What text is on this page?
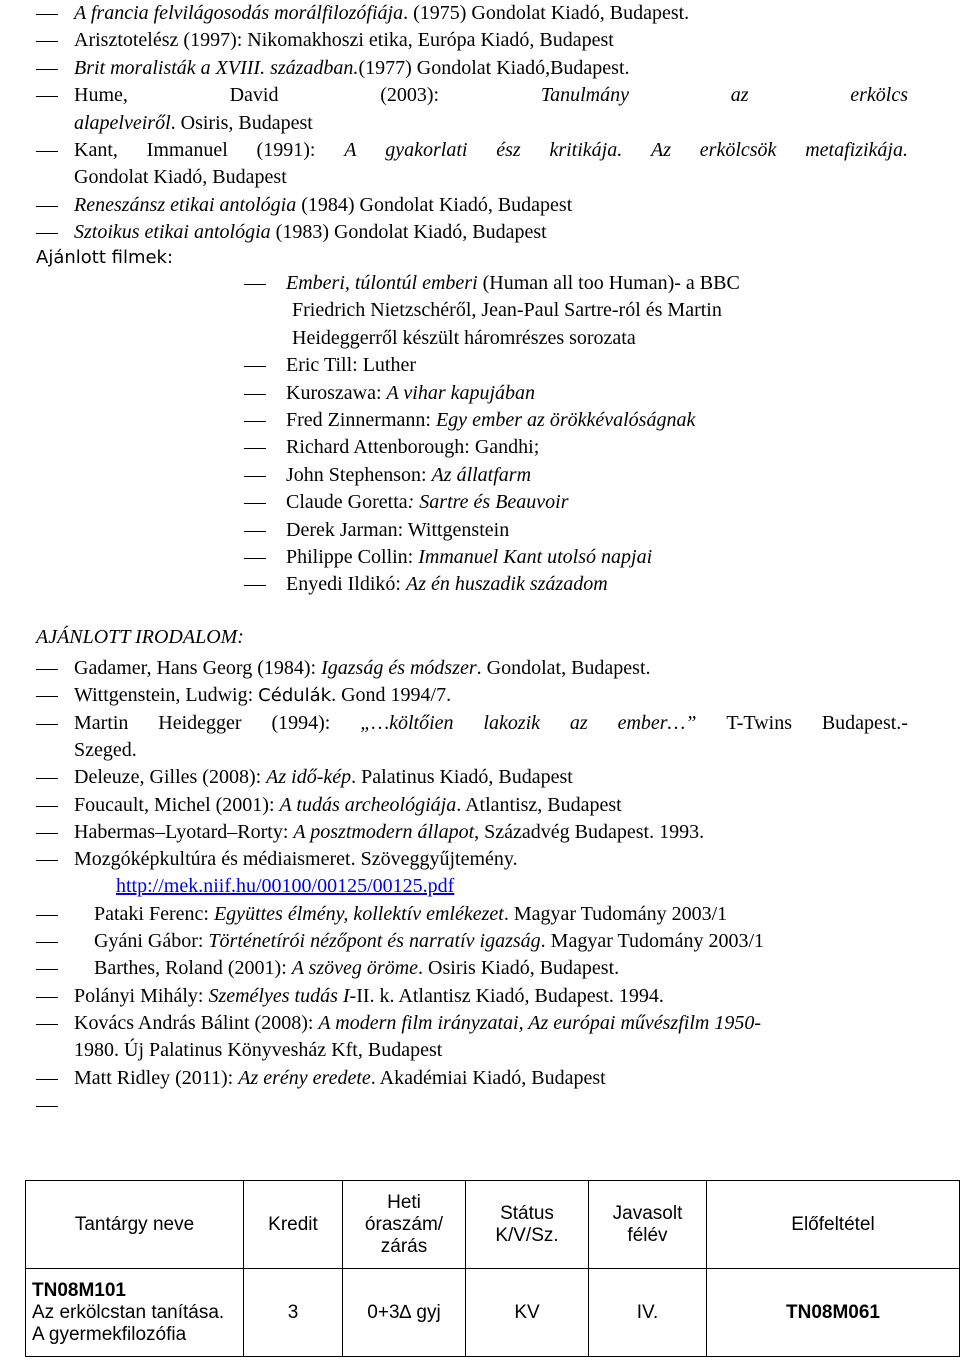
A francia felvilágosodás morálfilozófiája. (1975) Gondolat Kiadó, Budapest.
Arisztotelész (1997): Nikomakhoszi etika, Európa Kiadó, Budapest
Brit moralisták a XVIII. században.(1977) Gondolat Kiadó,Budapest.
Hume,	David	(2003):	Tanulmány	az	erkölcs
alapelveiről. Osiris, Budapest
Kant, Immanuel (1991): A gyakorlati ész kritikája. Az erkölcsök metafizikája.
Gondolat Kiadó, Budapest
Reneszánsz etikai antológia (1984) Gondolat Kiadó, Budapest
Sztoikus etikai antológia (1983) Gondolat Kiadó, Budapest
Ajánlott filmek:
Emberi, túlontúl emberi (Human all too Human)- a BBC
Friedrich Nietzschéről, Jean-Paul Sartre-ról és Martin
Heideggerről készült háromrészes sorozata
Eric Till: Luther
Kuroszawa: A vihar kapujában
Fred Zinnermann: Egy ember az örökkévalóságnak
Richard Attenborough: Gandhi;
John Stephenson: Az állatfarm
Claude Goretta: Sartre és Beauvoir
Derek Jarman: Wittgenstein
Philippe Collin: Immanuel Kant utolsó napjai
Enyedi Ildikó: Az én huszadik századom
AJÁNLOTT IRODALOM:
Gadamer, Hans Georg (1984): Igazság és módszer. Gondolat, Budapest.
Wittgenstein, Ludwig: Cédulák. Gond 1994/7.
Martin Heidegger (1994): „…költőien lakozik az ember…” T-Twins Budapest.-
Szeged.
Deleuze, Gilles (2008): Az idő-kép. Palatinus Kiadó, Budapest
Foucault, Michel (2001): A tudás archeológiája. Atlantisz, Budapest
Habermas–Lyotard–Rorty: A posztmodern állapot, Századvég Budapest. 1993.
Mozgóképkultúra és médiaismeret. Szöveggyűjtemény.
http://mek.niif.hu/00100/00125/00125.pdf
Pataki Ferenc: Együttes élmény, kollektív emlékezet. Magyar Tudomány 2003/1
Gyáni Gábor: Történetírói nézőpont és narratív igazság. Magyar Tudomány 2003/1
Barthes, Roland (2001): A szöveg öröme. Osiris Kiadó, Budapest.
Polányi Mihály: Személyes tudás I-II. k. Atlantisz Kiadó, Budapest. 1994.
Kovács András Bálint (2008): A modern film irányzatai, Az európai művészfilm 1950-
1980. Új Palatinus Könyvesház Kft, Budapest
Matt Ridley (2011): Az erény eredete. Akadémiai Kiadó, Budapest
Tantárgy neve	Kredit	Heti óraszám/ zárás	Státus K/V/Sz.	Javasolt félév	Előfeltétel

TN08M101
Az erkölcstan tanítása. A gyermekfilozófia	3	0+3∆ gyj	KV	IV.	TN08M061
